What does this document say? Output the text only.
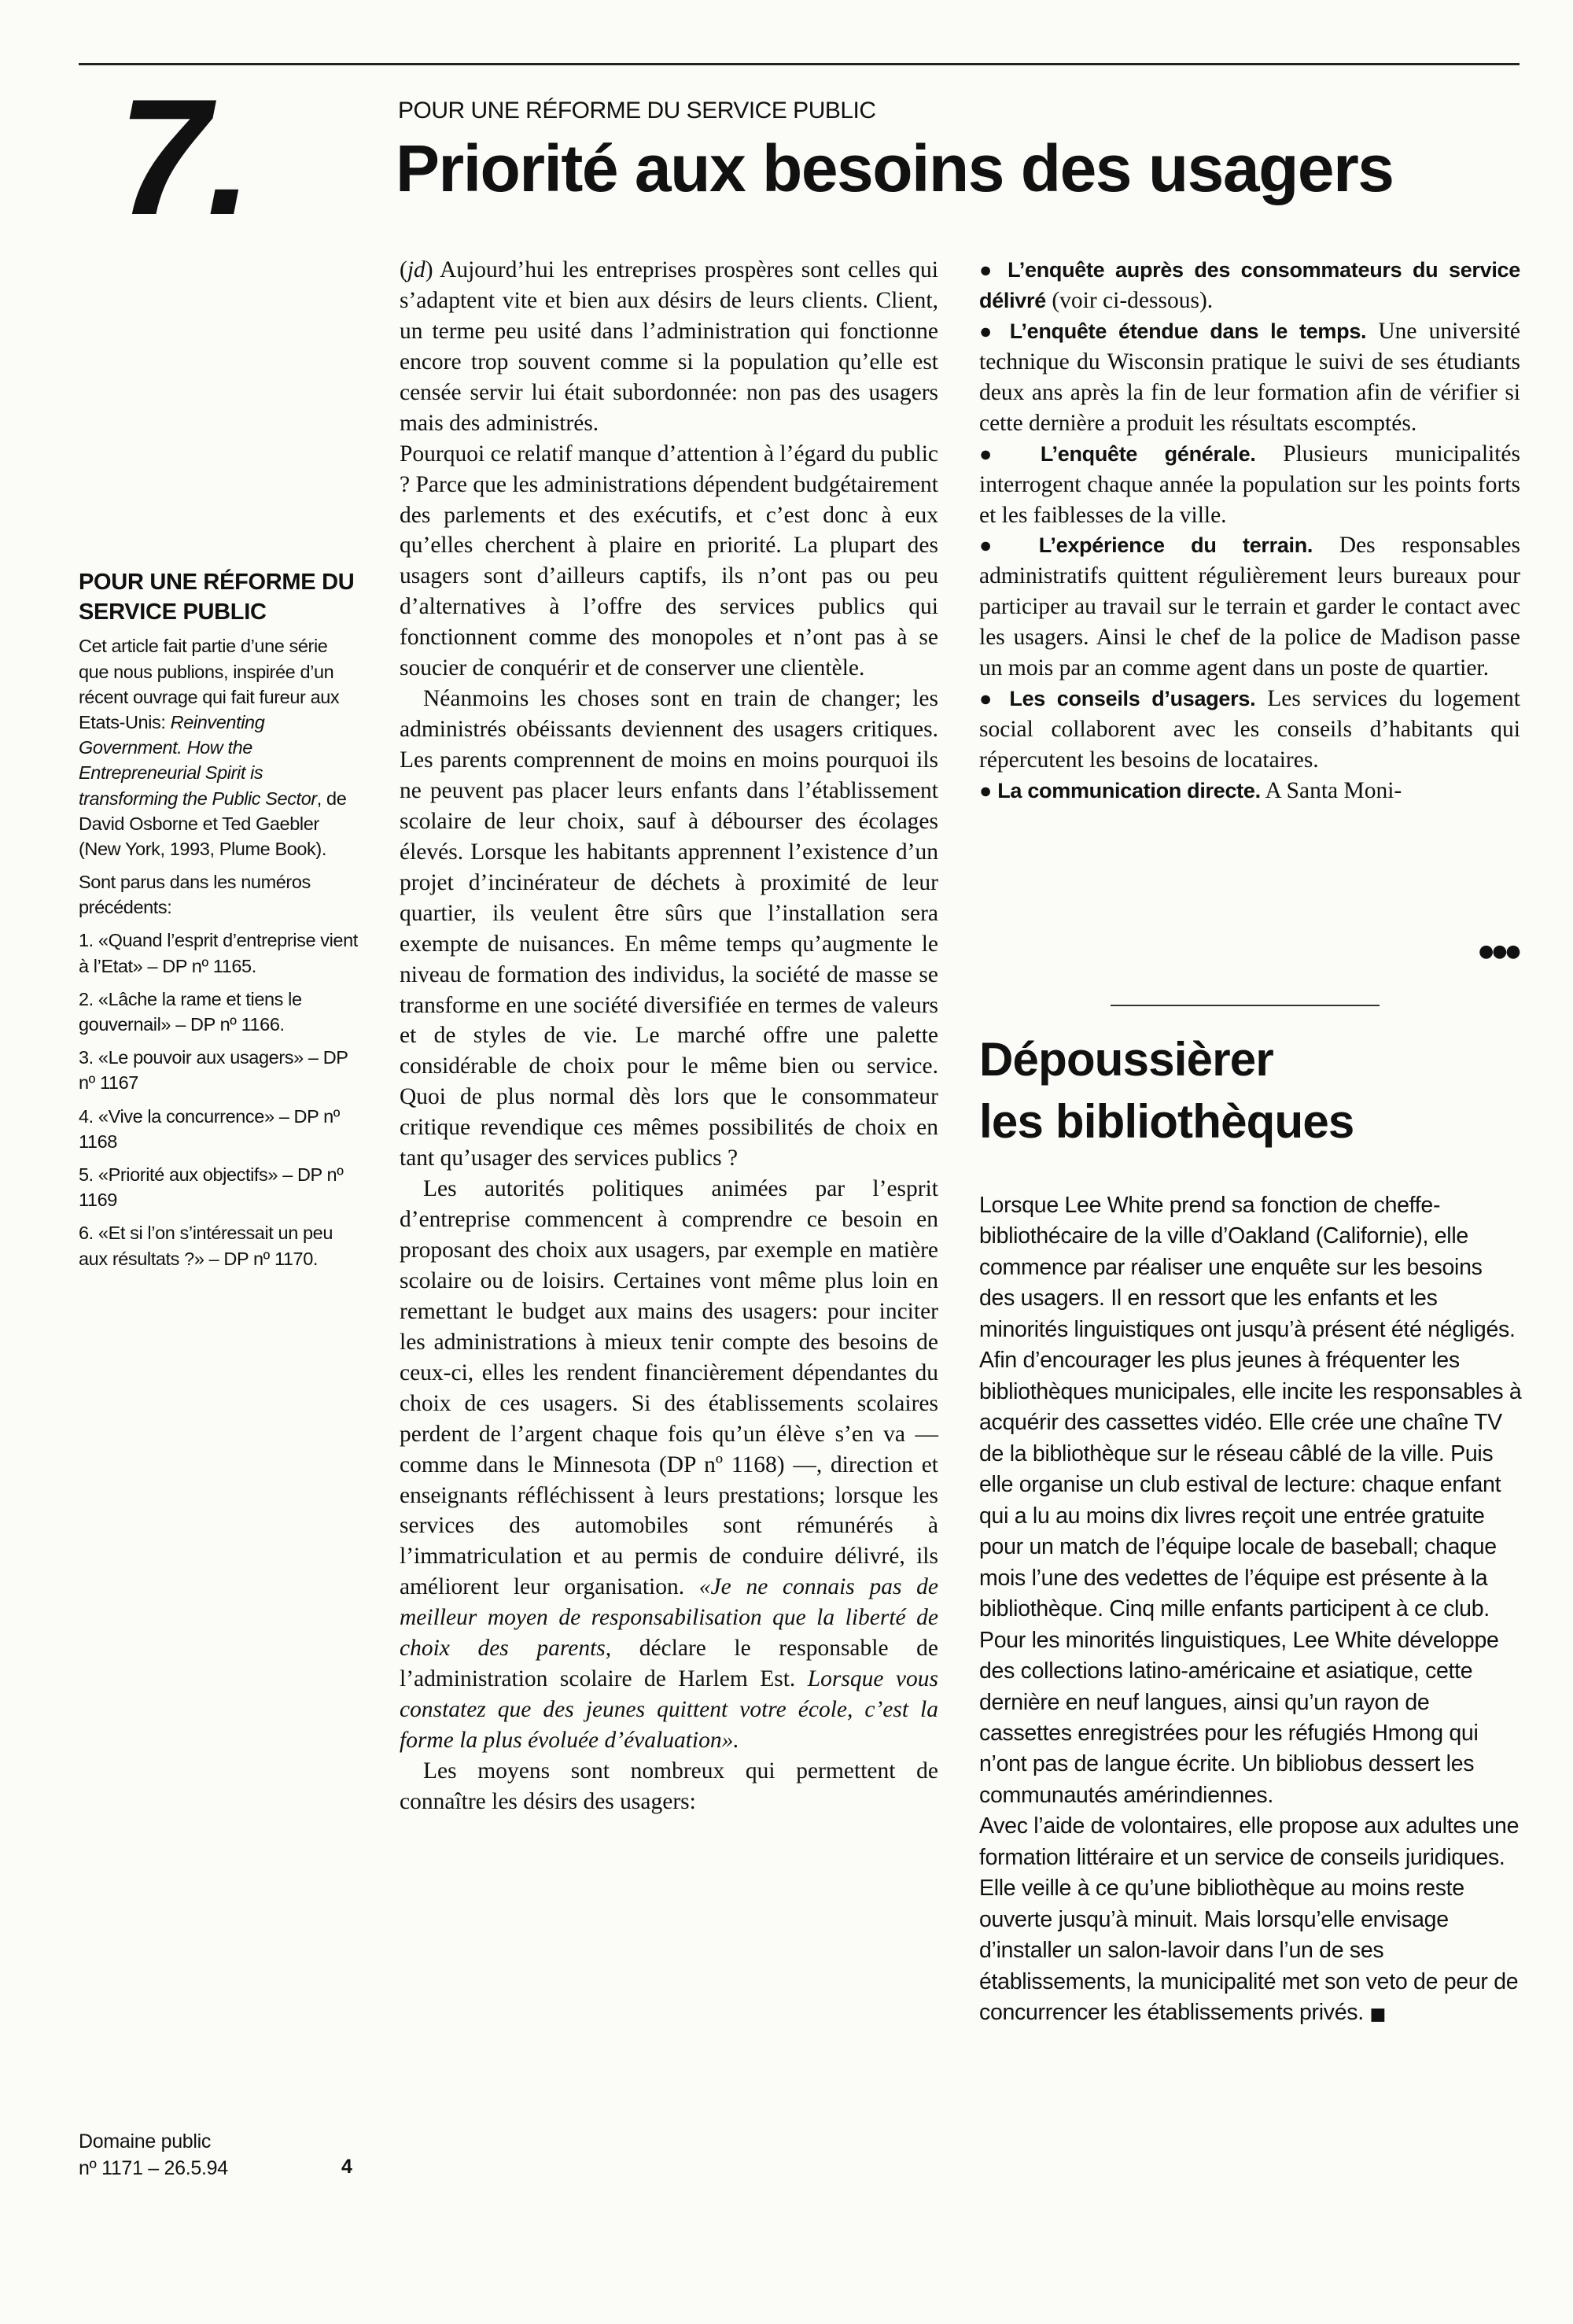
7.	POUR UNE RÉFORME DU SERVICE PUBLIC
Priorité aux besoins des usagers
POUR UNE RÉFORME DU SERVICE PUBLIC

Cet article fait partie d’une série que nous publions, inspirée d’un récent ouvrage qui fait fureur aux Etats-Unis: Reinventing Government. How the Entrepreneurial Spirit is transforming the Public Sector, de David Osborne et Ted Gaebler (New York, 1993, Plume Book).

Sont parus dans les numéros précédents:

1. «Quand l’esprit d’entreprise vient à l’Etat» – DP nº 1165.
2. «Lâche la rame et tiens le gouvernail» – DP nº 1166.
3. «Le pouvoir aux usagers» – DP nº 1167
4. «Vive la concurrence» – DP nº 1168
5. «Priorité aux objectifs» – DP nº 1169
6. «Et si l’on s’intéressait un peu aux résultats ?» – DP nº 1170.
Domaine public
nº 1171 – 26.5.94	4

(jd) Aujourd’hui les entreprises prospères sont celles qui s’adaptent vite et bien aux désirs de leurs clients. Client, un terme peu usité dans l’administration qui fonctionne encore trop souvent comme si la population qu’elle est censée servir lui était subordonnée: non pas des usagers mais des administrés.

Pourquoi ce relatif manque d’attention à l’égard du public ? Parce que les administrations dépendent budgétairement des parlements et des exécutifs, et c’est donc à eux qu’elles cherchent à plaire en priorité. La plupart des usagers sont d’ailleurs captifs, ils n’ont pas ou peu d’alternatives à l’offre des services publics qui fonctionnent comme des monopoles et n’ont pas à se soucier de conquérir et de conserver une clientèle.

Néanmoins les choses sont en train de changer; les administrés obéissants deviennent des usagers critiques. Les parents comprennent de moins en moins pourquoi ils ne peuvent pas placer leurs enfants dans l’établissement scolaire de leur choix, sauf à débourser des écolages élevés. Lorsque les habitants apprennent l’existence d’un projet d’incinérateur de déchets à proximité de leur quartier, ils veulent être sûrs que l’installation sera exempte de nuisances. En même temps qu’augmente le niveau de formation des individus, la société de masse se transforme en une société diversifiée en termes de valeurs et de styles de vie. Le marché offre une palette considérable de choix pour le même bien ou service. Quoi de plus normal dès lors que le consommateur critique revendique ces mêmes possibilités de choix en tant qu’usager des services publics ?

Les autorités politiques animées par l’esprit d’entreprise commencent à comprendre ce besoin en proposant des choix aux usagers, par exemple en matière scolaire ou de loisirs. Certaines vont même plus loin en remettant le budget aux mains des usagers: pour inciter les administrations à mieux tenir compte des besoins de ceux-ci, elles les rendent financièrement dépendantes du choix de ces usagers. Si des établissements scolaires perdent de l’argent chaque fois qu’un élève s’en va — comme dans le Minnesota (DP nº 1168) —, direction et enseignants réfléchissent à leurs prestations; lorsque les services des automobiles sont rémunérés à l’immatriculation et au permis de conduire délivré, ils améliorent leur organisation. «Je ne connais pas de meilleur moyen de responsabilisation que la liberté de choix des parents, déclare le responsable de l’administration scolaire de Harlem Est. Lorsque vous constatez que des jeunes quittent votre école, c’est la forme la plus évoluée d’évaluation».

Les moyens sont nombreux qui permettent de connaître les désirs des usagers:

● L’enquête auprès des consommateurs du service délivré (voir ci-dessous).

● L’enquête étendue dans le temps. Une université technique du Wisconsin pratique le suivi de ses étudiants deux ans après la fin de leur formation afin de vérifier si cette dernière a produit les résultats escomptés.

● L’enquête générale. Plusieurs municipalités interrogent chaque année la population sur les points forts et les faiblesses de la ville.

● L’expérience du terrain. Des responsables administratifs quittent régulièrement leurs bureaux pour participer au travail sur le terrain et garder le contact avec les usagers. Ainsi le chef de la police de Madison passe un mois par an comme agent dans un poste de quartier.

● Les conseils d’usagers. Les services du logement social collaborent avec les conseils d’habitants qui répercutent les besoins de locataires.

● La communication directe. A Santa Moni-

●●●
Dépoussièrer
les bibliothèques

Lorsque Lee White prend sa fonction de cheffe-bibliothécaire de la ville d’Oakland (Californie), elle commence par réaliser une enquête sur les besoins des usagers. Il en ressort que les enfants et les minorités linguistiques ont jusqu’à présent été négligés. Afin d’encourager les plus jeunes à fréquenter les bibliothèques municipales, elle incite les responsables à acquérir des cassettes vidéo. Elle crée une chaîne TV de la bibliothèque sur le réseau câblé de la ville. Puis elle organise un club estival de lecture: chaque enfant qui a lu au moins dix livres reçoit une entrée gratuite pour un match de l’équipe locale de baseball; chaque mois l’une des vedettes de l’équipe est présente à la bibliothèque. Cinq mille enfants participent à ce club.

Pour les minorités linguistiques, Lee White développe des collections latino-américaine et asiatique, cette dernière en neuf langues, ainsi qu’un rayon de cassettes enregistrées pour les réfugiés Hmong qui n’ont pas de langue écrite. Un bibliobus dessert les communautés amérindiennes.

Avec l’aide de volontaires, elle propose aux adultes une formation littéraire et un service de conseils juridiques. Elle veille à ce qu’une bibliothèque au moins reste ouverte jusqu’à minuit. Mais lorsqu’elle envisage d’installer un salon-lavoir dans l’un de ses établissements, la municipalité met son veto de peur de concurrencer les établissements privés. ■
